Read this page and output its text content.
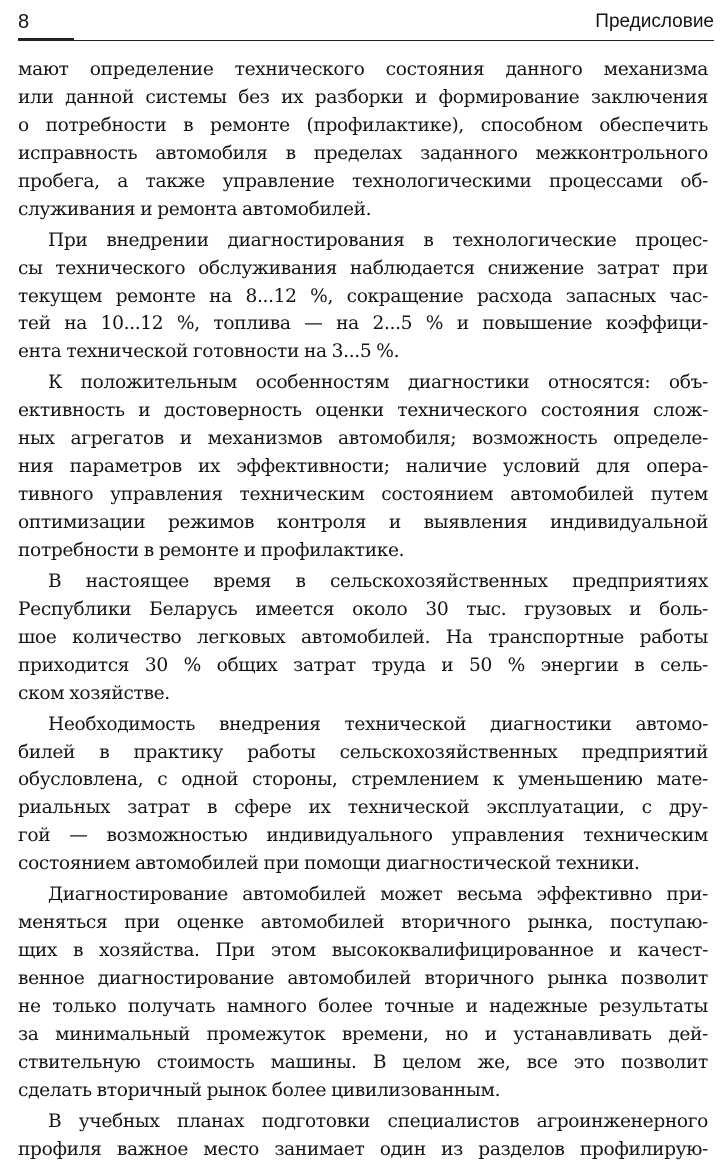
8	Предисловие
мают определение технического состояния данного механизма
или данной системы без их разборки и формирование заключения
о потребности в ремонте (профилактике), способном обеспечить
исправность автомобиля в пределах заданного межконтрольного
пробега, а также управление технологическими процессами об-
служивания и ремонта автомобилей.
При внедрении диагностирования в технологические процес-
сы технического обслуживания наблюдается снижение затрат при
текущем ремонте на 8...12 %, сокращение расхода запасных час-
тей на 10...12 %, топлива — на 2...5 % и повышение коэффици-
ента технической готовности на 3...5 %.
К положительным особенностям диагностики относятся: объ-
ективность и достоверность оценки технического состояния слож-
ных агрегатов и механизмов автомобиля; возможность определе-
ния параметров их эффективности; наличие условий для опера-
тивного управления техническим состоянием автомобилей путем
оптимизации режимов контроля и выявления индивидуальной
потребности в ремонте и профилактике.
В настоящее время в сельскохозяйственных предприятиях
Республики Беларусь имеется около 30 тыс. грузовых и боль-
шое количество легковых автомобилей. На транспортные работы
приходится 30 % общих затрат труда и 50 % энергии в сель-
ском хозяйстве.
Необходимость внедрения технической диагностики автомо-
билей в практику работы сельскохозяйственных предприятий
обусловлена, с одной стороны, стремлением к уменьшению мате-
риальных затрат в сфере их технической эксплуатации, с дру-
гой — возможностью индивидуального управления техническим
состоянием автомобилей при помощи диагностической техники.
Диагностирование автомобилей может весьма эффективно при-
меняться при оценке автомобилей вторичного рынка, поступаю-
щих в хозяйства. При этом высококвалифицированное и качест-
венное диагностирование автомобилей вторичного рынка позволит
не только получать намного более точные и надежные результаты
за минимальный промежуток времени, но и устанавливать дей-
ствительную стоимость машины. В целом же, все это позволит
сделать вторичный рынок более цивилизованным.
В учебных планах подготовки специалистов агроинженерного
профиля важное место занимает один из разделов профилирую-
